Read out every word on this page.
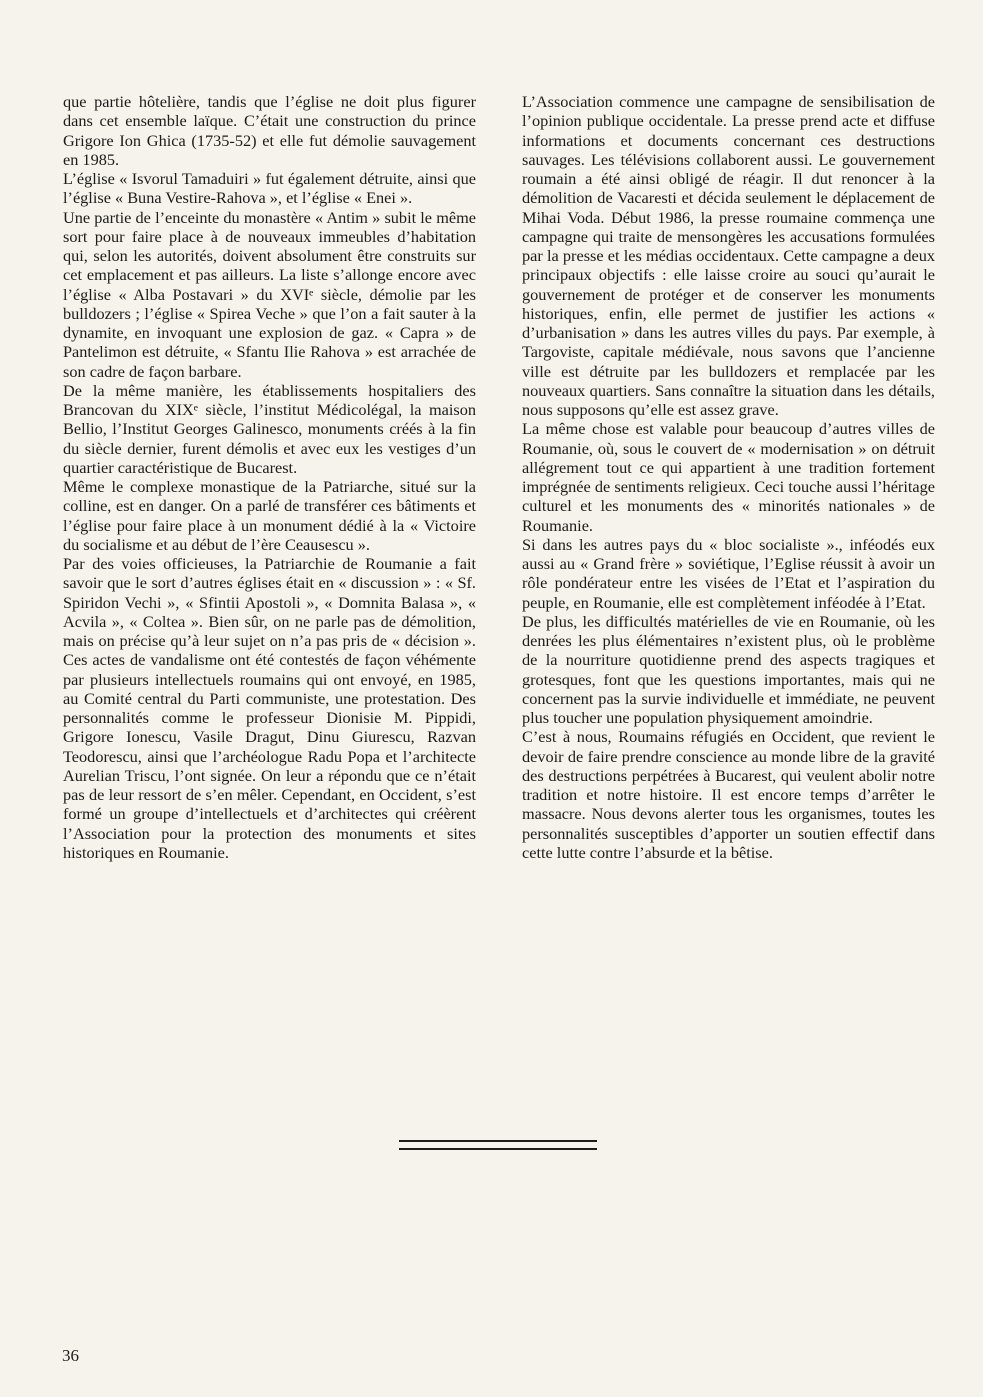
que partie hôtelière, tandis que l’église ne doit plus figurer dans cet ensemble laïque. C’était une construction du prince Grigore Ion Ghica (1735-52) et elle fut démolie sauvagement en 1985.

L’église « Isvorul Tamaduiri » fut également détruite, ainsi que l’église « Buna Vestire-Rahova », et l’église « Enei ».

Une partie de l’enceinte du monastère « Antim » subit le même sort pour faire place à de nouveaux immeubles d’habitation qui, selon les autorités, doivent absolument être construits sur cet emplacement et pas ailleurs. La liste s’allonge encore avec l’église « Alba Postavari » du XVIᵉ siècle, démolie par les bulldozers ; l’église « Spirea Veche » que l’on a fait sauter à la dynamite, en invoquant une explosion de gaz. « Capra » de Pantelimon est détruite, « Sfantu Ilie Rahova » est arrachée de son cadre de façon barbare.

De la même manière, les établissements hospitaliers des Brancovan du XIXᵉ siècle, l’institut Médicolégal, la maison Bellio, l’Institut Georges Galinesco, monuments créés à la fin du siècle dernier, furent démolis et avec eux les vestiges d’un quartier caractéristique de Bucarest.

Même le complexe monastique de la Patriarche, situé sur la colline, est en danger. On a parlé de transférer ces bâtiments et l’église pour faire place à un monument dédié à la « Victoire du socialisme et au début de l’ère Ceausescu ».

Par des voies officieuses, la Patriarchie de Roumanie a fait savoir que le sort d’autres églises était en « discussion » : « Sf. Spiridon Vechi », « Sfintii Apostoli », « Domnita Balasa », « Acvila », « Coltea ». Bien sûr, on ne parle pas de démolition, mais on précise qu’à leur sujet on n’a pas pris de « décision ». Ces actes de vandalisme ont été contestés de façon véhémente par plusieurs intellectuels roumains qui ont envoyé, en 1985, au Comité central du Parti communiste, une protestation. Des personnalités comme le professeur Dionisie M. Pippidi, Grigore Ionescu, Vasile Dragut, Dinu Giurescu, Razvan Teodorescu, ainsi que l’archéologue Radu Popa et l’architecte Aurelian Triscu, l’ont signée. On leur a répondu que ce n’était pas de leur ressort de s’en mêler. Cependant, en Occident, s’est formé un groupe d’intellectuels et d’architectes qui créèrent l’Association pour la protection des monuments et sites historiques en Roumanie.

L’Association commence une campagne de sensibilisation de l’opinion publique occidentale. La presse prend acte et diffuse informations et documents concernant ces destructions sauvages. Les télévisions collaborent aussi. Le gouvernement roumain a été ainsi obligé de réagir. Il dut renoncer à la démolition de Vacaresti et décida seulement le déplacement de Mihai Voda. Début 1986, la presse roumaine commença une campagne qui traite de mensongères les accusations formulées par la presse et les médias occidentaux. Cette campagne a deux principaux objectifs : elle laisse croire au souci qu’aurait le gouvernement de protéger et de conserver les monuments historiques, enfin, elle permet de justifier les actions « d’urbanisation » dans les autres villes du pays. Par exemple, à Targoviste, capitale médiévale, nous savons que l’ancienne ville est détruite par les bulldozers et remplacée par les nouveaux quartiers. Sans connaître la situation dans les détails, nous supposons qu’elle est assez grave.

La même chose est valable pour beaucoup d’autres villes de Roumanie, où, sous le couvert de « modernisation » on détruit allégrement tout ce qui appartient à une tradition fortement imprégnée de sentiments religieux. Ceci touche aussi l’héritage culturel et les monuments des « minorités nationales » de Roumanie.

Si dans les autres pays du « bloc socialiste »., inféodés eux aussi au « Grand frère » soviétique, l’Eglise réussit à avoir un rôle pondérateur entre les visées de l’Etat et l’aspiration du peuple, en Roumanie, elle est complètement inféodée à l’Etat.

De plus, les difficultés matérielles de vie en Roumanie, où les denrées les plus élémentaires n’existent plus, où le problème de la nourriture quotidienne prend des aspects tragiques et grotesques, font que les questions importantes, mais qui ne concernent pas la survie individuelle et immédiate, ne peuvent plus toucher une population physiquement amoindrie.

C’est à nous, Roumains réfugiés en Occident, que revient le devoir de faire prendre conscience au monde libre de la gravité des destructions perpétrées à Bucarest, qui veulent abolir notre tradition et notre histoire. Il est encore temps d’arrêter le massacre. Nous devons alerter tous les organismes, toutes les personnalités susceptibles d’apporter un soutien effectif dans cette lutte contre l’absurde et la bêtise.

36
